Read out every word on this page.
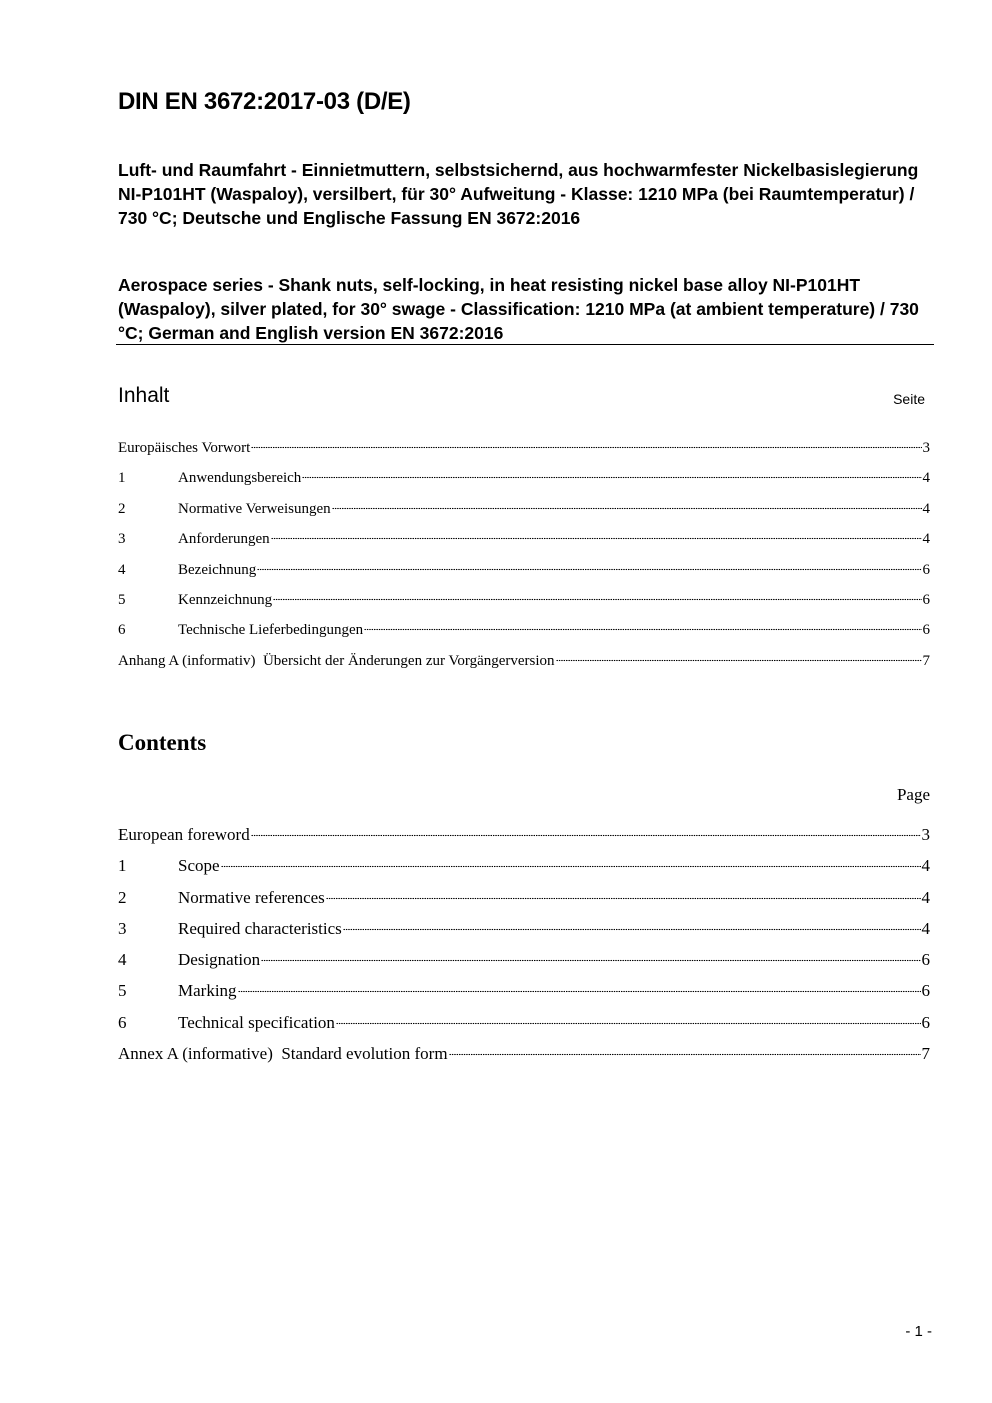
DIN EN 3672:2017-03 (D/E)

Luft- und Raumfahrt - Einnietmuttern, selbstsichernd, aus hochwarmfester Nickelbasislegierung NI-P101HT (Waspaloy), versilbert, für 30° Aufweitung - Klasse: 1210 MPa (bei Raumtemperatur) / 730 °C; Deutsche und Englische Fassung EN 3672:2016

Aerospace series - Shank nuts, self-locking, in heat resisting nickel base alloy NI-P101HT (Waspaloy), silver plated, for 30° swage - Classification: 1210 MPa (at ambient temperature) / 730 °C; German and English version EN 3672:2016

Inhalt	Seite
Europäisches Vorwort	3
1	Anwendungsbereich	4
2	Normative Verweisungen	4
3	Anforderungen	4
4	Bezeichnung	6
5	Kennzeichnung	6
6	Technische Lieferbedingungen	6
Anhang A (informativ)  Übersicht der Änderungen zur Vorgängerversion	7
Contents
Page
European foreword	3
1	Scope	4
2	Normative references	4
3	Required characteristics	4
4	Designation	6
5	Marking	6
6	Technical specification	6
Annex A (informative)  Standard evolution form	7
- 1 -
